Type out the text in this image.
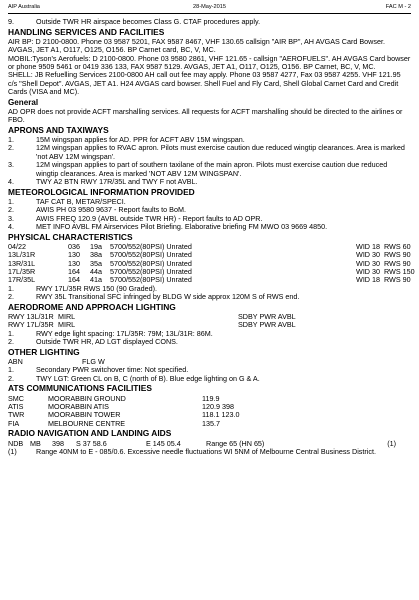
AIP Australia	28-May-2015	FAC M - 2
9.	Outside TWR HR airspace becomes Class G. CTAF procedures apply.
HANDLING SERVICES AND FACILITIES

AIR BP: D 2100-0800. Phone 03 9587 5201, FAX 9587 8467, VHF 130.65 callsign "AIR BP", AH AVGAS Card Bowser. AVGAS, JET A1, O117, O125, O156. BP Carnet card, BC, V, MC.

MOBIL:Tyson's Aerofuels: D 2100-0800. Phone 03 9580 2861, VHF 121.65 - callsign "AEROFUELS". AH AVGAS Card bowser or phone 9509 5461 or 0419 336 133, FAX 9587 5129. AVGAS, JET A1, O117, O125, O156. BP Carnet, BC, V, MC.

SHELL: JB Refuelling Services 2100-0800 AH call out fee may apply. Phone 03 9587 4277, Fax 03 9587 4255. VHF 121.95 c/s "Shell Depot". AVGAS, JET A1. H24 AVGAS card bowser. Shell Fuel and Fly Card, Shell Global Carnet Card and Credit Cards (VISA and MC).

General

AD OPR does not provide ACFT marshalling services. All requests for ACFT marshalling should be directed to the airlines or FBO.

APRONS AND TAXIWAYS
1.	15M wingspan applies for AD. PPR for ACFT ABV 15M wingspan.
2.	12M wingspan applies to RVAC apron. Pilots must exercise caution due reduced wingtip clearances. Area is marked 'not ABV 12M wingspan'.
3.	12M wingspan applies to part of southern taxilane of the main apron. Pilots must exercise caution due reduced wingtip clearances. Area is marked 'NOT ABV 12M WINGSPAN'.
4.	TWY A2 BTN RWY 17R/35L and TWY F not AVBL.
METEOROLOGICAL INFORMATION PROVIDED
1.	TAF CAT B, METAR/SPECI.
2.	AWIS PH 03 9580 9637 - Report faults to BoM.
3.	AWIS FREQ 120.9 (AVBL outside TWR HR) - Report faults to AD OPR.
4.	MET INFO AVBL FM Airservices Pilot Briefing. Elaborative briefing FM MWO 03 9669 4850.
PHYSICAL CHARACTERISTICS
04/22	036	19a	5700/552(80PSI) Unrated	WID 18 RWS 60
13L/31R	130	38a	5700/552(80PSI) Unrated	WID 30 RWS 90
13R/31L	130	35a	5700/552(80PSI) Unrated	WID 30 RWS 90
17L/35R	164	44a	5700/552(80PSI) Unrated	WID 30 RWS 150
17R/35L	164	41a	5700/552(80PSI) Unrated	WID 18 RWS 90
1.	RWY 17L/35R RWS 150 (90 Graded).
2.	RWY 35L Transitional SFC infringed by BLDG W side approx 120M S of RWS end.
AERODROME AND APPROACH LIGHTING
RWY 13L/31R MIRL	SDBY PWR AVBL
RWY 17L/35R MIRL	SDBY PWR AVBL
1.	RWY edge light spacing: 17L/35R: 79M; 13L/31R: 86M.
2.	Outside TWR HR, AD LGT displayed CONS.
OTHER LIGHTING
ABN	FLG W
1.	Secondary PWR switchover time: Not specified.
2.	TWY LGT: Green CL on B, C (north of B). Blue edge lighting on G & A.
ATS COMMUNICATIONS FACILITIES
SMC	MOORABBIN GROUND	119.9
ATIS	MOORABBIN ATIS	120.9 398
TWR	MOORABBIN TOWER	118.1 123.0
FIA	MELBOURNE CENTRE	135.7
RADIO NAVIGATION AND LANDING AIDS
NDB MB	398	S 37 58.6	E 145 05.4	Range 65 (HN 65)	(1)
(1)	Range 40NM to E - 085/0.6. Excessive needle fluctuations WI 5NM of Melbourne Central Business District.
